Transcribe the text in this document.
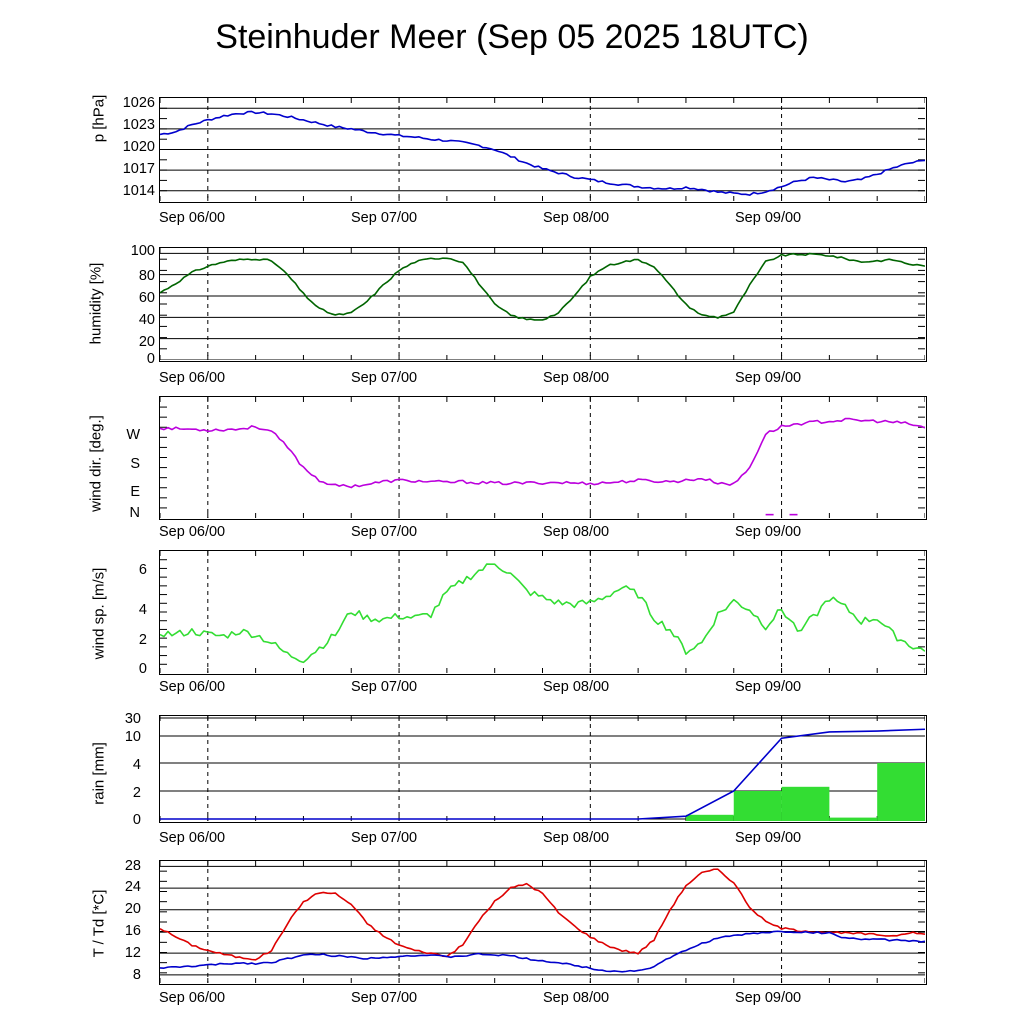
Steinhuder Meer (Sep 05 2025 18UTC)
p [hPa]	1026
1023
1020
1017
1014
Sep 06/00	Sep 07/00	Sep 08/00	Sep 09/00
humidity [%]
100
80
60
40
20
0
Sep 06/00	Sep 07/00	Sep 08/00	Sep 09/00
wind dir. [deg.]	W
S
E
N
Sep 06/00	Sep 07/00	Sep 08/00	Sep 09/00
wind sp. [m/s]	6
4
2
0
Sep 06/00	Sep 07/00	Sep 08/00	Sep 09/00
rain [mm]
30
10
4
2
0
Sep 06/00	Sep 07/00	Sep 08/00	Sep 09/00
T / Td [*C]
28
24
20
16
12
8
Sep 06/00	Sep 07/00	Sep 08/00	Sep 09/00
